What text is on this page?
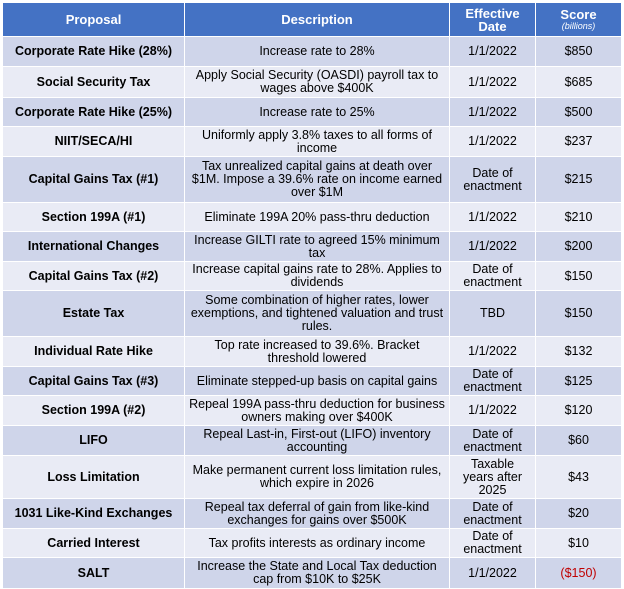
Proposal	Description	Effective Date	Score
(billions)

Corporate Rate Hike (28%)	Increase rate to 28%	1/1/2022	$850
Social Security Tax	Apply Social Security (OASDI) payroll tax to wages above $400K	1/1/2022	$685
Corporate Rate Hike (25%)	Increase rate to 25%	1/1/2022	$500
NIIT/SECA/HI	Uniformly apply 3.8% taxes to all forms of income	1/1/2022	$237
Capital Gains Tax (#1)	Tax unrealized capital gains at death over $1M. Impose a 39.6% rate on income earned over $1M	Date of enactment	$215
Section 199A (#1)	Eliminate 199A 20% pass-thru deduction	1/1/2022	$210
International Changes	Increase GILTI rate to agreed 15% minimum tax	1/1/2022	$200
Capital Gains Tax (#2)	Increase capital gains rate to 28%. Applies to dividends	Date of enactment	$150
Estate Tax	Some combination of higher rates, lower exemptions, and tightened valuation and trust rules.	TBD	$150
Individual Rate Hike	Top rate increased to 39.6%. Bracket threshold lowered	1/1/2022	$132
Capital Gains Tax (#3)	Eliminate stepped-up basis on capital gains	Date of enactment	$125
Section 199A (#2)	Repeal 199A pass-thru deduction for business owners making over $400K	1/1/2022	$120
LIFO	Repeal Last-in, First-out (LIFO) inventory accounting	Date of enactment	$60
Loss Limitation	Make permanent current loss limitation rules, which expire in 2026	Taxable years after 2025	$43
1031 Like-Kind Exchanges	Repeal tax deferral of gain from like-kind exchanges for gains over $500K	Date of enactment	$20
Carried Interest	Tax profits interests as ordinary income	Date of enactment	$10
SALT	Increase the State and Local Tax deduction cap from $10K to $25K	1/1/2022	($150)
